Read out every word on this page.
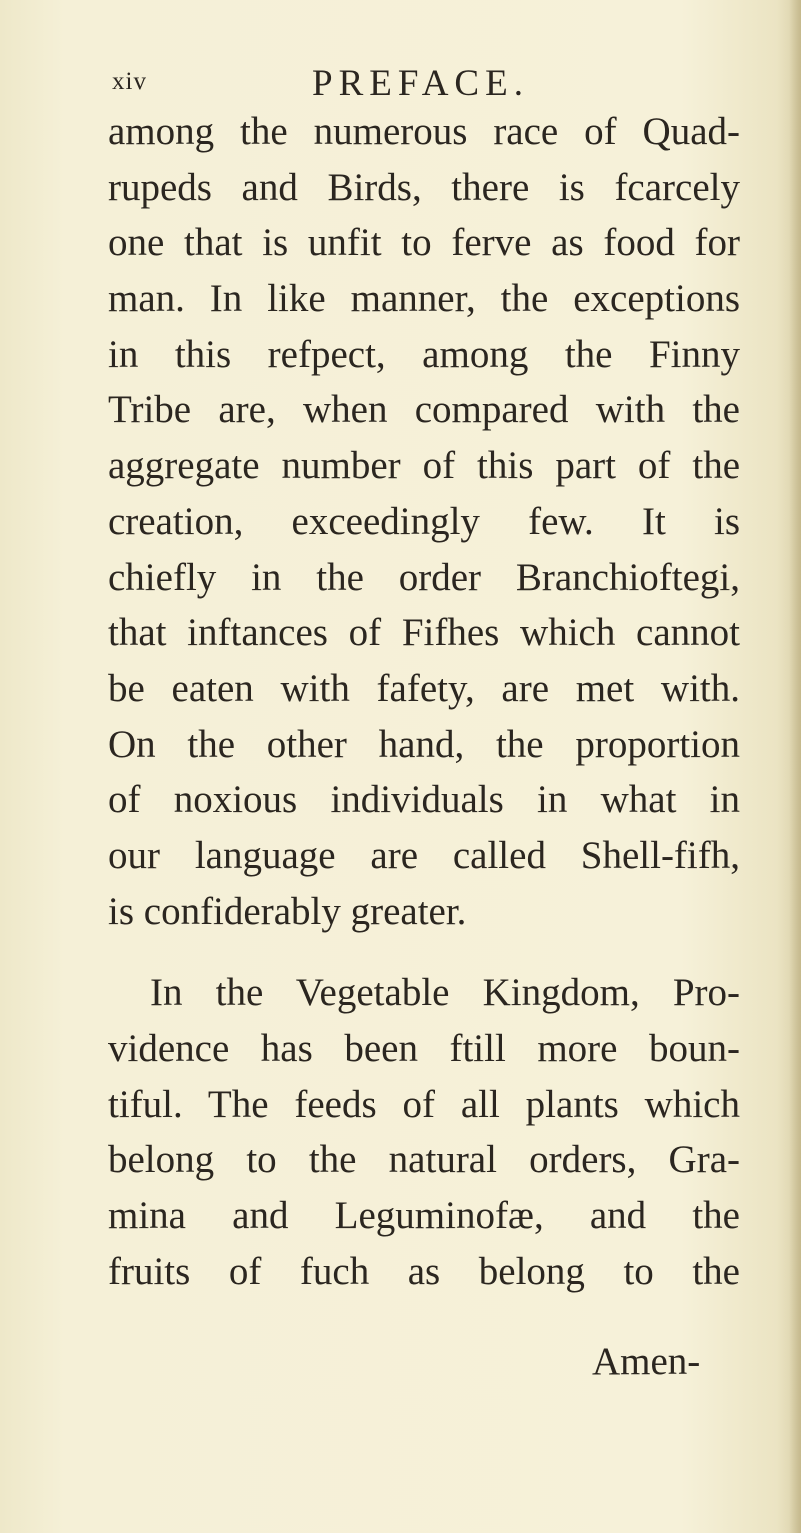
xiv	PREFACE.
among the numerous race of Quad-
rupeds and Birds, there is fcarcely
one that is unfit to ferve as food for
man. In like manner, the exceptions
in this refpect, among the Finny
Tribe are, when compared with the
aggregate number of this part of the
creation, exceedingly few. It is
chiefly in the order Branchioftegi,
that inftances of Fifhes which cannot
be eaten with fafety, are met with.
On the other hand, the proportion
of noxious individuals in what in
our language are called Shell-fifh,
is confiderably greater.
In the Vegetable Kingdom, Pro-
vidence has been ftill more boun-
tiful. The feeds of all plants which
belong to the natural orders, Gra-
mina and Leguminofæ, and the
fruits of fuch as belong to the
Amen-
